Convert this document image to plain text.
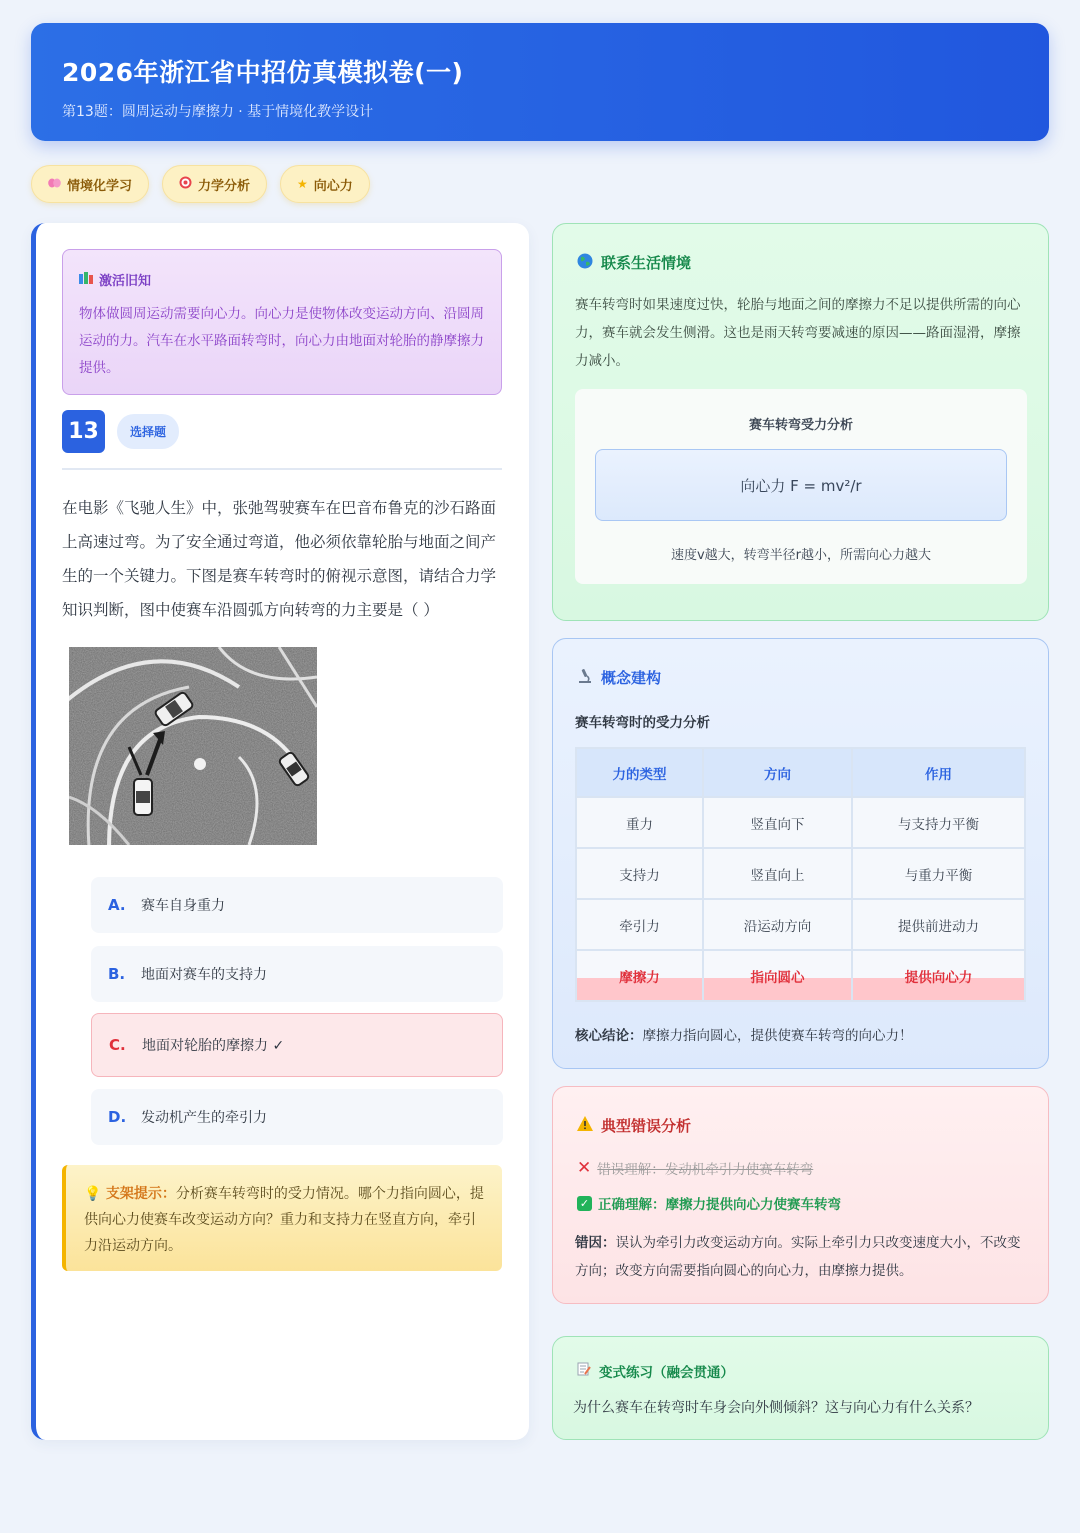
2026年浙江省中招仿真模拟卷(一)
第13题：圆周运动与摩擦力 · 基于情境化教学设计
情境化学习	力学分析	★ 向心力
激活旧知
物体做圆周运动需要向心力。向心力是使物体改变运动方向、沿圆周运动的力。汽车在水平路面转弯时，向心力由地面对轮胎的静摩擦力提供。
13	选择题
在电影《飞驰人生》中，张弛驾驶赛车在巴音布鲁克的沙石路面上高速过弯。为了安全通过弯道，他必须依靠轮胎与地面之间产生的一个关键力。下图是赛车转弯时的俯视示意图，请结合力学知识判断，图中使赛车沿圆弧方向转弯的力主要是（ ）
A.	赛车自身重力
B.	地面对赛车的支持力
C.	地面对轮胎的摩擦力 ✓
D.	发动机产生的牵引力
💡 支架提示：分析赛车转弯时的受力情况。哪个力指向圆心，提供向心力使赛车改变运动方向？重力和支持力在竖直方向，牵引力沿运动方向。
联系生活情境
赛车转弯时如果速度过快，轮胎与地面之间的摩擦力不足以提供所需的向心力，赛车就会发生侧滑。这也是雨天转弯要减速的原因——路面湿滑，摩擦力减小。
赛车转弯受力分析
向心力 F = mv²/r
速度v越大，转弯半径r越小，所需向心力越大
概念建构
赛车转弯时的受力分析
力的类型	方向	作用
重力	竖直向下	与支持力平衡
支持力	竖直向上	与重力平衡
牵引力	沿运动方向	提供前进动力
摩擦力	指向圆心	提供向心力
核心结论：摩擦力指向圆心，提供使赛车转弯的向心力！
典型错误分析
✕ 错误理解：发动机牵引力使赛车转弯
✓ 正确理解：摩擦力提供向心力使赛车转弯
错因：误认为牵引力改变运动方向。实际上牵引力只改变速度大小，不改变方向；改变方向需要指向圆心的向心力，由摩擦力提供。
变式练习（融会贯通）
为什么赛车在转弯时车身会向外侧倾斜？这与向心力有什么关系？
